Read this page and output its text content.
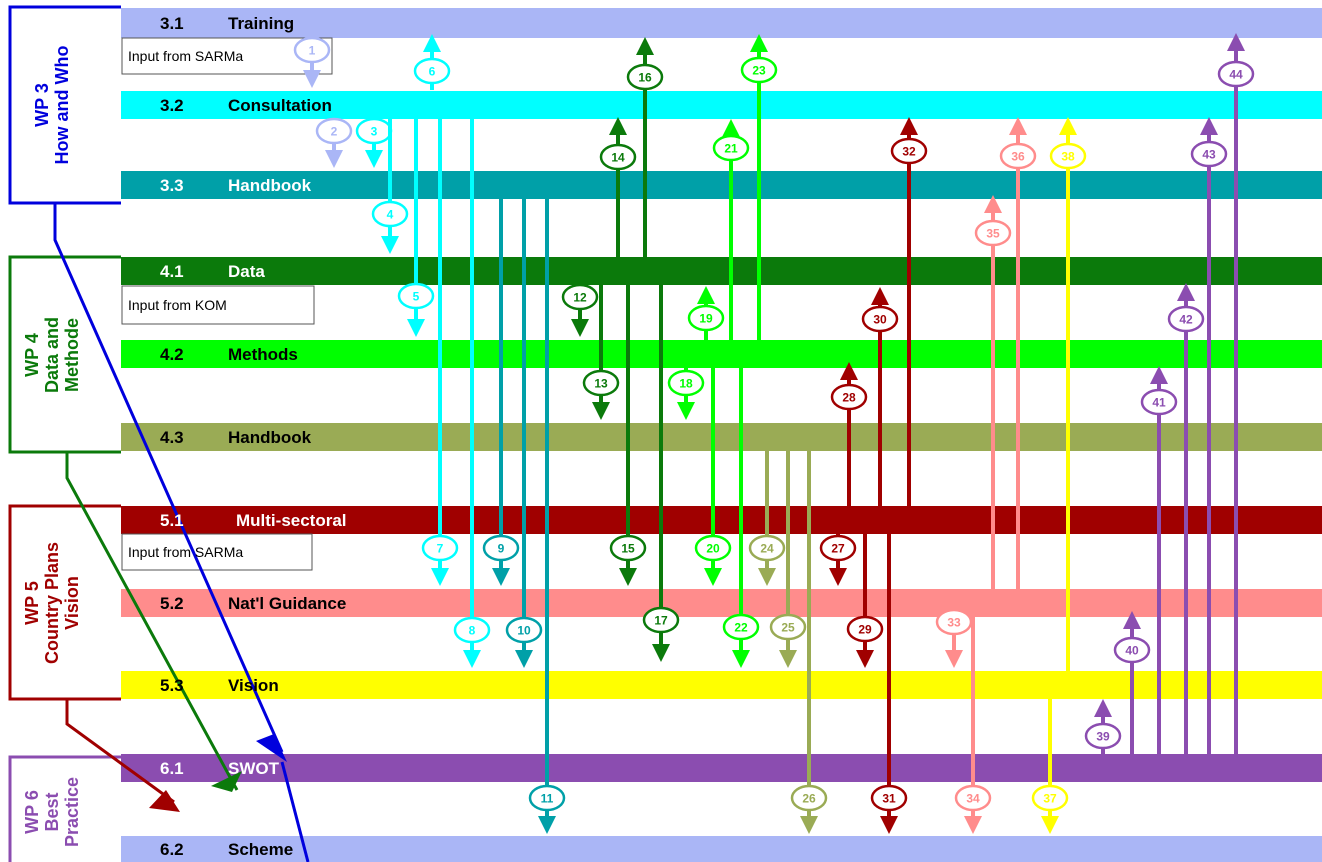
1
2	3
4
5
6
7
8
9
10
11
12
13
14
15
16
17
18
19
20
21
22
23
24
25
26
27
28
29
30
31
32
33
34
35
36
37
38
39
40
41
42
43
44
3.1	Training
3.2	Consultation
3.3	Handbook
4.1	Data
4.2	Methods
4.3	Handbook
5.1	Multi-sectoral
5.2	Nat'l Guidance
5.3	Vision
6.1	SWOT
6.2	Scheme
Input from SARMa
Input from KOM
Input from SARMa
WP 3How and Who
WP 4Data andMethode
WP 5Country PlansVision
WP 6BestPractice
